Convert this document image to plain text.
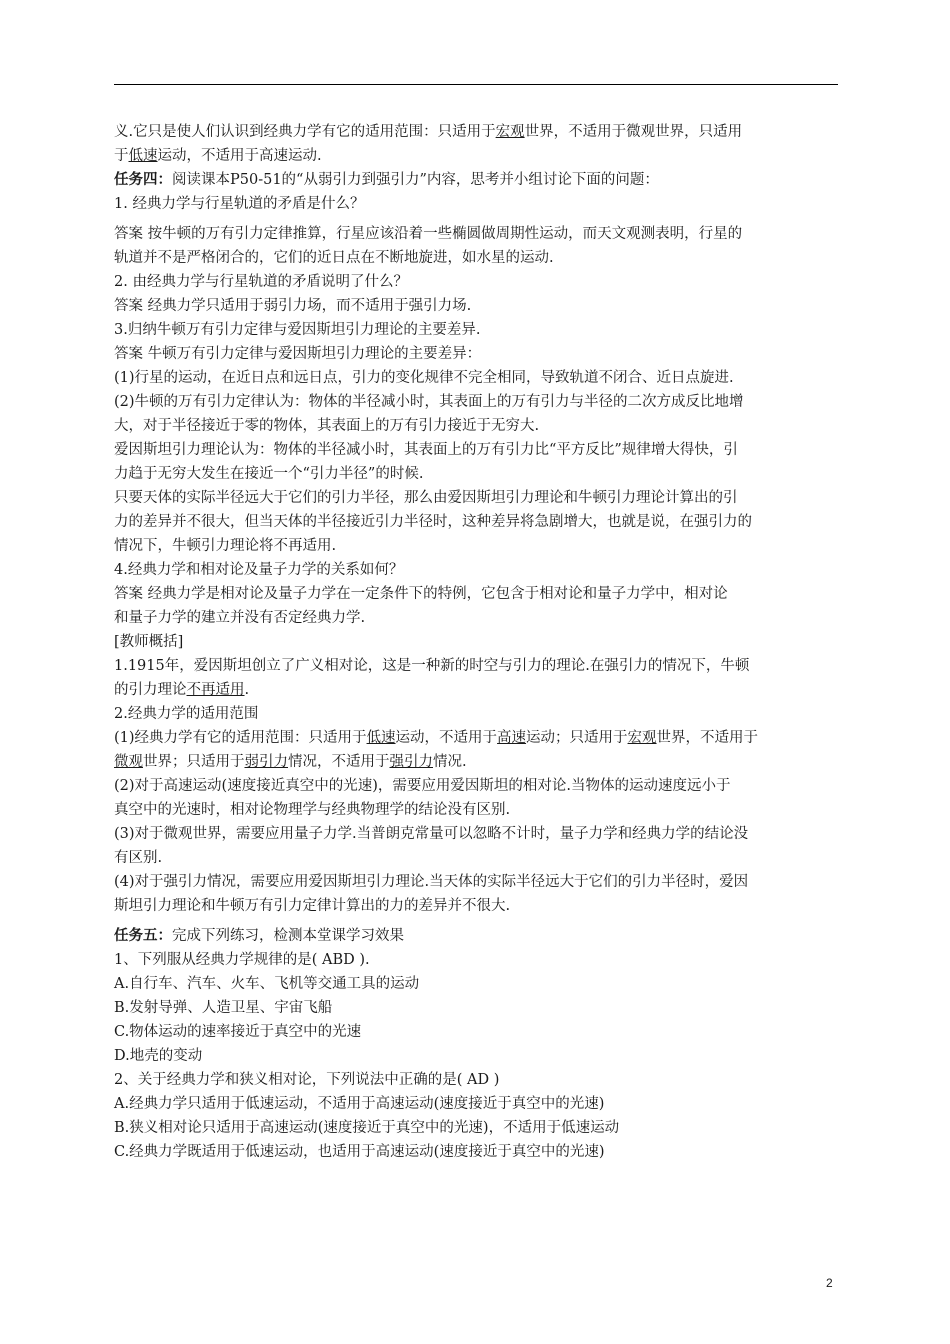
义.它只是使人们认识到经典力学有它的适用范围：只适用于宏观世界，不适用于微观世界，只适用

于低速运动，不适用于高速运动.

任务四：阅读课本P50-51的“从弱引力到强引力”内容，思考并小组讨论下面的问题：

1. 经典力学与行星轨道的矛盾是什么？

答案 按牛顿的万有引力定律推算，行星应该沿着一些椭圆做周期性运动，而天文观测表明，行星的

轨道并不是严格闭合的，它们的近日点在不断地旋进，如水星的运动.

2. 由经典力学与行星轨道的矛盾说明了什么？

答案 经典力学只适用于弱引力场，而不适用于强引力场.

3.归纳牛顿万有引力定律与爱因斯坦引力理论的主要差异.

答案 牛顿万有引力定律与爱因斯坦引力理论的主要差异：

(1)行星的运动，在近日点和远日点，引力的变化规律不完全相同，导致轨道不闭合、近日点旋进.

(2)牛顿的万有引力定律认为：物体的半径减小时，其表面上的万有引力与半径的二次方成反比地增

大，对于半径接近于零的物体，其表面上的万有引力接近于无穷大.

爱因斯坦引力理论认为：物体的半径减小时，其表面上的万有引力比“平方反比”规律增大得快，引

力趋于无穷大发生在接近一个“引力半径”的时候.

只要天体的实际半径远大于它们的引力半径，那么由爱因斯坦引力理论和牛顿引力理论计算出的引

力的差异并不很大，但当天体的半径接近引力半径时，这种差异将急剧增大，也就是说，在强引力的

情况下，牛顿引力理论将不再适用.

4.经典力学和相对论及量子力学的关系如何？

答案 经典力学是相对论及量子力学在一定条件下的特例，它包含于相对论和量子力学中，相对论

和量子力学的建立并没有否定经典力学.

[教师概括]

1.1915年，爱因斯坦创立了广义相对论，这是一种新的时空与引力的理论.在强引力的情况下，牛顿

的引力理论不再适用.

2.经典力学的适用范围

(1)经典力学有它的适用范围：只适用于低速运动，不适用于高速运动；只适用于宏观世界，不适用于

微观世界；只适用于弱引力情况，不适用于强引力情况.

(2)对于高速运动(速度接近真空中的光速)，需要应用爱因斯坦的相对论.当物体的运动速度远小于

真空中的光速时，相对论物理学与经典物理学的结论没有区别.

(3)对于微观世界，需要应用量子力学.当普朗克常量可以忽略不计时，量子力学和经典力学的结论没

有区别.

(4)对于强引力情况，需要应用爱因斯坦引力理论.当天体的实际半径远大于它们的引力半径时，爱因

斯坦引力理论和牛顿万有引力定律计算出的力的差异并不很大.

任务五：完成下列练习，检测本堂课学习效果

1、下列服从经典力学规律的是( ABD ).

A.自行车、汽车、火车、飞机等交通工具的运动

B.发射导弹、人造卫星、宇宙飞船

C.物体运动的速率接近于真空中的光速

D.地壳的变动

2、关于经典力学和狭义相对论，下列说法中正确的是( AD )

A.经典力学只适用于低速运动，不适用于高速运动(速度接近于真空中的光速)

B.狭义相对论只适用于高速运动(速度接近于真空中的光速)，不适用于低速运动

C.经典力学既适用于低速运动，也适用于高速运动(速度接近于真空中的光速)

2
